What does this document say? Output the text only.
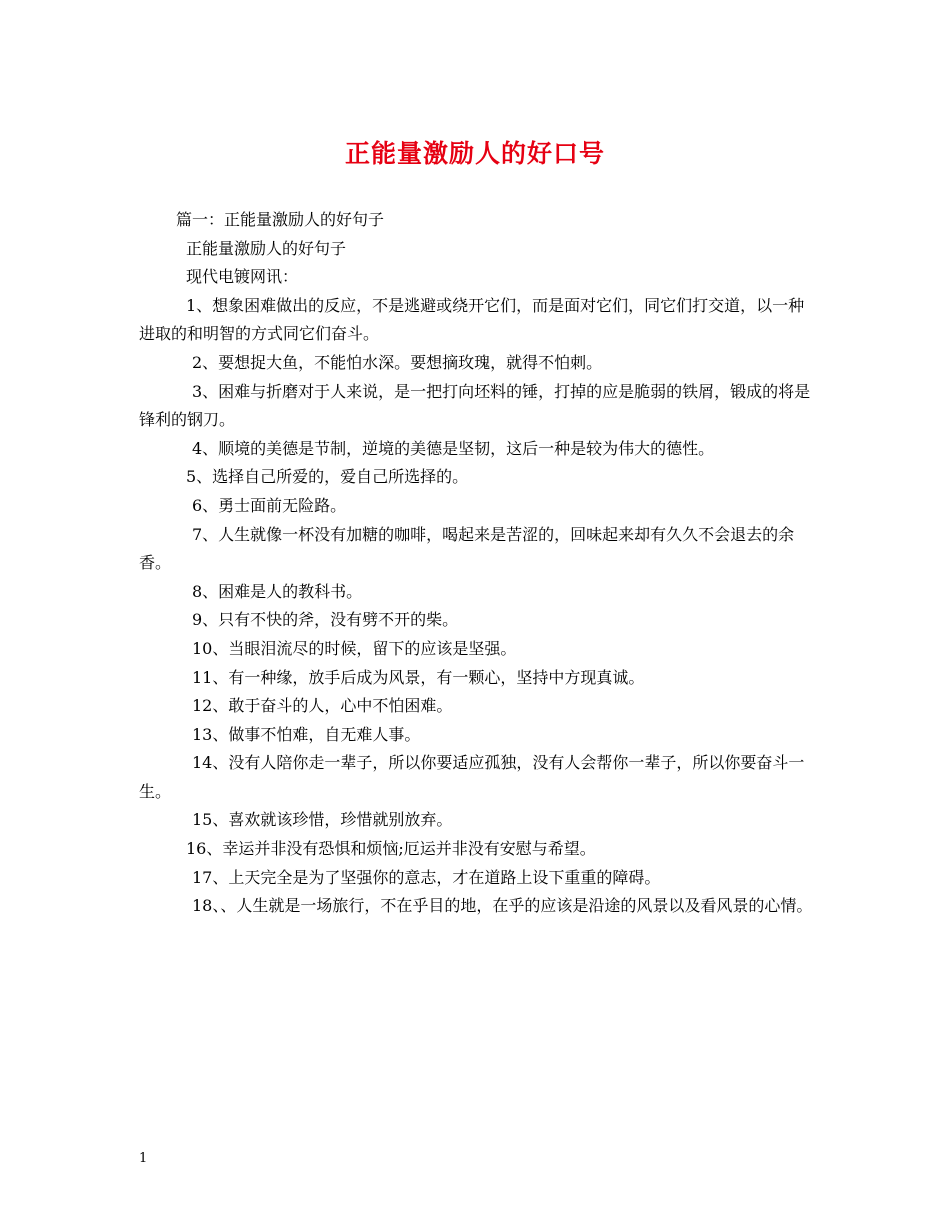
正能量激励人的好口号

篇一：正能量激励人的好句子

正能量激励人的好句子

现代电镀网讯：

1、想象困难做出的反应，不是逃避或绕开它们，而是面对它们，同它们打交道，以一种进取的和明智的方式同它们奋斗。

2、要想捉大鱼，不能怕水深。要想摘玫瑰，就得不怕刺。

3、困难与折磨对于人来说，是一把打向坯料的锤，打掉的应是脆弱的铁屑，锻成的将是锋利的钢刀。

4、顺境的美德是节制，逆境的美德是坚韧，这后一种是较为伟大的德性。

5、选择自己所爱的，爱自己所选择的。

6、勇士面前无险路。

7、人生就像一杯没有加糖的咖啡，喝起来是苦涩的，回味起来却有久久不会退去的余香。

8、困难是人的教科书。

9、只有不快的斧，没有劈不开的柴。

10、当眼泪流尽的时候，留下的应该是坚强。

11、有一种缘，放手后成为风景，有一颗心，坚持中方现真诚。

12、敢于奋斗的人，心中不怕困难。

13、做事不怕难，自无难人事。

14、没有人陪你走一辈子，所以你要适应孤独，没有人会帮你一辈子，所以你要奋斗一生。

15、喜欢就该珍惜，珍惜就别放弃。

16、幸运并非没有恐惧和烦恼;厄运并非没有安慰与希望。

17、上天完全是为了坚强你的意志，才在道路上设下重重的障碍。

18、、人生就是一场旅行，不在乎目的地，在乎的应该是沿途的风景以及看风景的心情。

1
